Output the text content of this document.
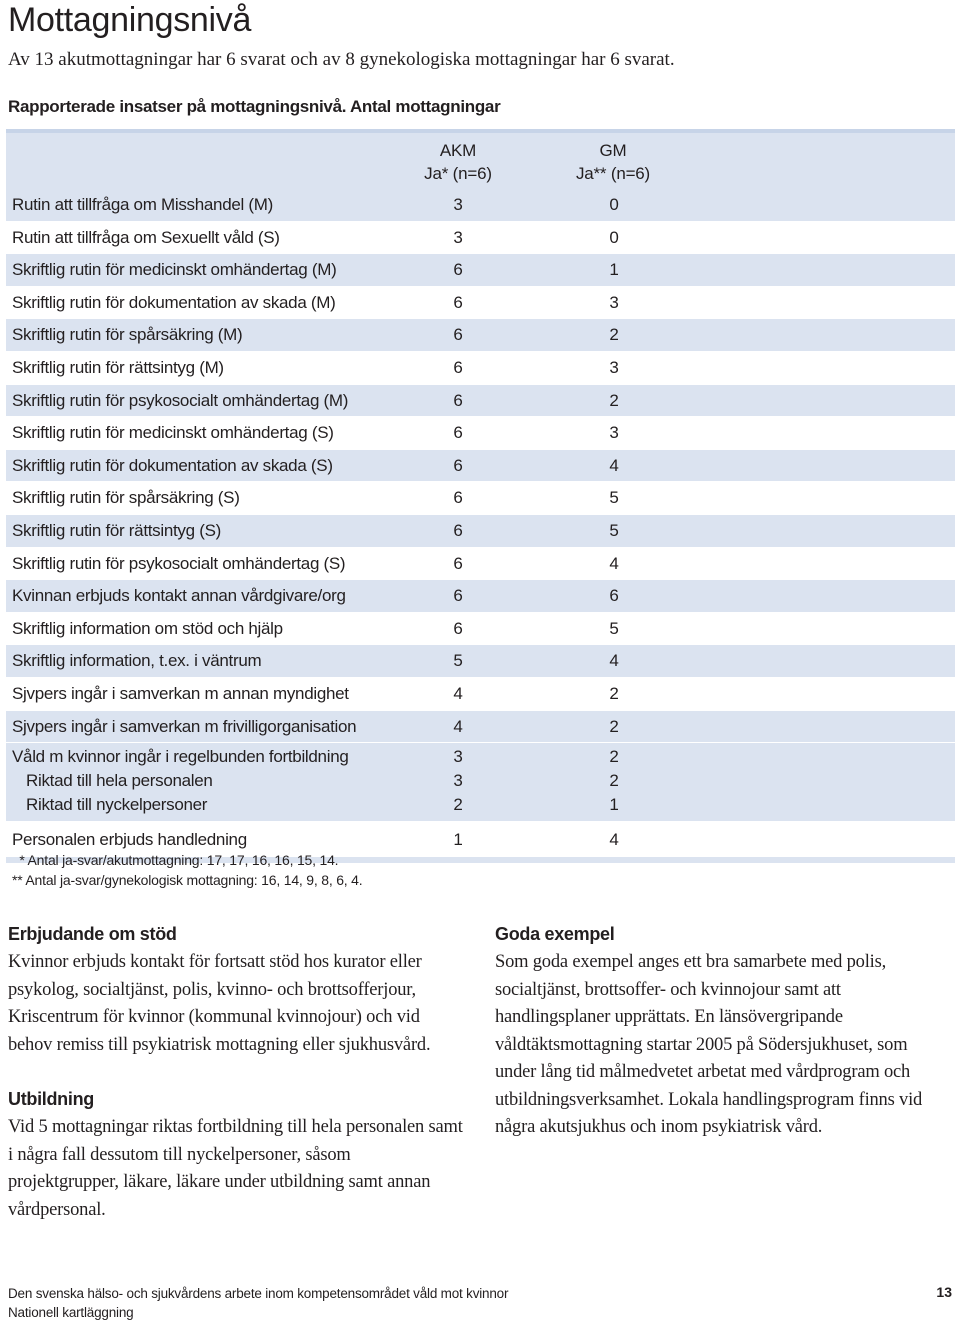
Mottagningsnivå

Av 13 akutmottagningar har 6 svarat och av 8 gynekologiska mottagningar har 6 svarat.

Rapporterade insatser på mottagningsnivå. Antal mottagningar

AKM
Ja* (n=6)
GM
Ja** (n=6)
Rutin att tillfråga om Misshandel (M)	3	0
Rutin att tillfråga om Sexuellt våld (S)	3	0
Skriftlig rutin för medicinskt omhändertag (M)	6	1
Skriftlig rutin för dokumentation av skada (M)	6	3
Skriftlig rutin för spårsäkring (M)	6	2
Skriftlig rutin för rättsintyg (M)	6	3
Skriftlig rutin för psykosocialt omhändertag (M)	6	2
Skriftlig rutin för medicinskt omhändertag (S)	6	3
Skriftlig rutin för dokumentation av skada (S)	6	4
Skriftlig rutin för spårsäkring (S)	6	5
Skriftlig rutin för rättsintyg (S)	6	5
Skriftlig rutin för psykosocialt omhändertag (S)	6	4
Kvinnan erbjuds kontakt annan vårdgivare/org	6	6
Skriftlig information om stöd och hjälp	6	5
Skriftlig information, t.ex. i väntrum	5	4
Sjvpers ingår i samverkan m annan myndighet	4	2
Sjvpers ingår i samverkan m frivilligorganisation	4	2
Våld m kvinnor ingår i regelbunden fortbildning	3	2
Riktad till hela personalen	3	2
Riktad till nyckelpersoner	2	1
Personalen erbjuds handledning	1	4
* Antal ja-svar/akutmottagning: 17, 17, 16, 16, 15, 14.
** Antal ja-svar/gynekologisk mottagning: 16, 14, 9, 8, 6, 4.
Erbjudande om stöd

Kvinnor erbjuds kontakt för fortsatt stöd hos kurator eller psykolog, socialtjänst, polis, kvinno- och brottsofferjour, Kriscentrum för kvinnor (kommunal kvinnojour) och vid behov remiss till psykiatrisk mottagning eller sjukhusvård.

Utbildning

Vid 5 mottagningar riktas fortbildning till hela personalen samt i några fall dessutom till nyckelpersoner, såsom projektgrupper, läkare, läkare under utbildning samt annan vårdpersonal.

Goda exempel

Som goda exempel anges ett bra samarbete med polis, socialtjänst, brottsoffer- och kvinnojour samt att handlingsplaner upprättats. En länsövergripande våldtäktsmottagning startar 2005 på Södersjukhuset, som under lång tid målmedvetet arbetat med vårdprogram och utbildningsverksamhet. Lokala handlingsprogram finns vid några akutsjukhus och inom psykiatrisk vård.

Den svenska hälso- och sjukvårdens arbete inom kompetensområdet våld mot kvinnor
Nationell kartläggning
13
